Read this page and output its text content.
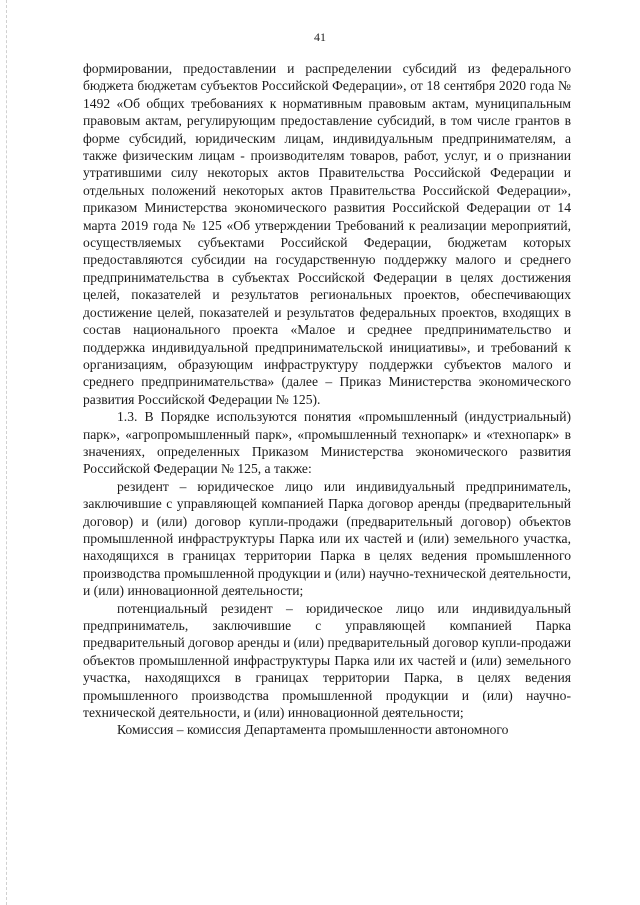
41

формировании, предоставлении и распределении субсидий из федерального бюджета бюджетам субъектов Российской Федерации», от 18 сентября 2020 года № 1492 «Об общих требованиях к нормативным правовым актам, муниципальным правовым актам, регулирующим предоставление субсидий, в том числе грантов в форме субсидий, юридическим лицам, индивидуальным предпринимателям, а также физическим лицам - производителям товаров, работ, услуг, и о признании утратившими силу некоторых актов Правительства Российской Федерации и отдельных положений некоторых актов Правительства Российской Федерации», приказом Министерства экономического развития Российской Федерации от 14 марта 2019 года № 125 «Об утверждении Требований к реализации мероприятий, осуществляемых субъектами Российской Федерации, бюджетам которых предоставляются субсидии на государственную поддержку малого и среднего предпринимательства в субъектах Российской Федерации в целях достижения целей, показателей и результатов региональных проектов, обеспечивающих достижение целей, показателей и результатов федеральных проектов, входящих в состав национального проекта «Малое и среднее предпринимательство и поддержка индивидуальной предпринимательской инициативы», и требований к организациям, образующим инфраструктуру поддержки субъектов малого и среднего предпринимательства» (далее – Приказ Министерства экономического развития Российской Федерации № 125).

1.3. В Порядке используются понятия «промышленный (индустриальный) парк», «агропромышленный парк», «промышленный технопарк» и «технопарк» в значениях, определенных Приказом Министерства экономического развития Российской Федерации № 125, а также:

резидент – юридическое лицо или индивидуальный предприниматель, заключившие с управляющей компанией Парка договор аренды (предварительный договор) и (или) договор купли-продажи (предварительный договор) объектов промышленной инфраструктуры Парка или их частей и (или) земельного участка, находящихся в границах территории Парка в целях ведения промышленного производства промышленной продукции и (или) научно-технической деятельности, и (или) инновационной деятельности;

потенциальный резидент – юридическое лицо или индивидуальный предприниматель, заключившие с управляющей компанией Парка предварительный договор аренды и (или) предварительный договор купли-продажи объектов промышленной инфраструктуры Парка или их частей и (или) земельного участка, находящихся в границах территории Парка, в целях ведения промышленного производства промышленной продукции и (или) научно-технической деятельности, и (или) инновационной деятельности;

Комиссия – комиссия Департамента промышленности автономного
